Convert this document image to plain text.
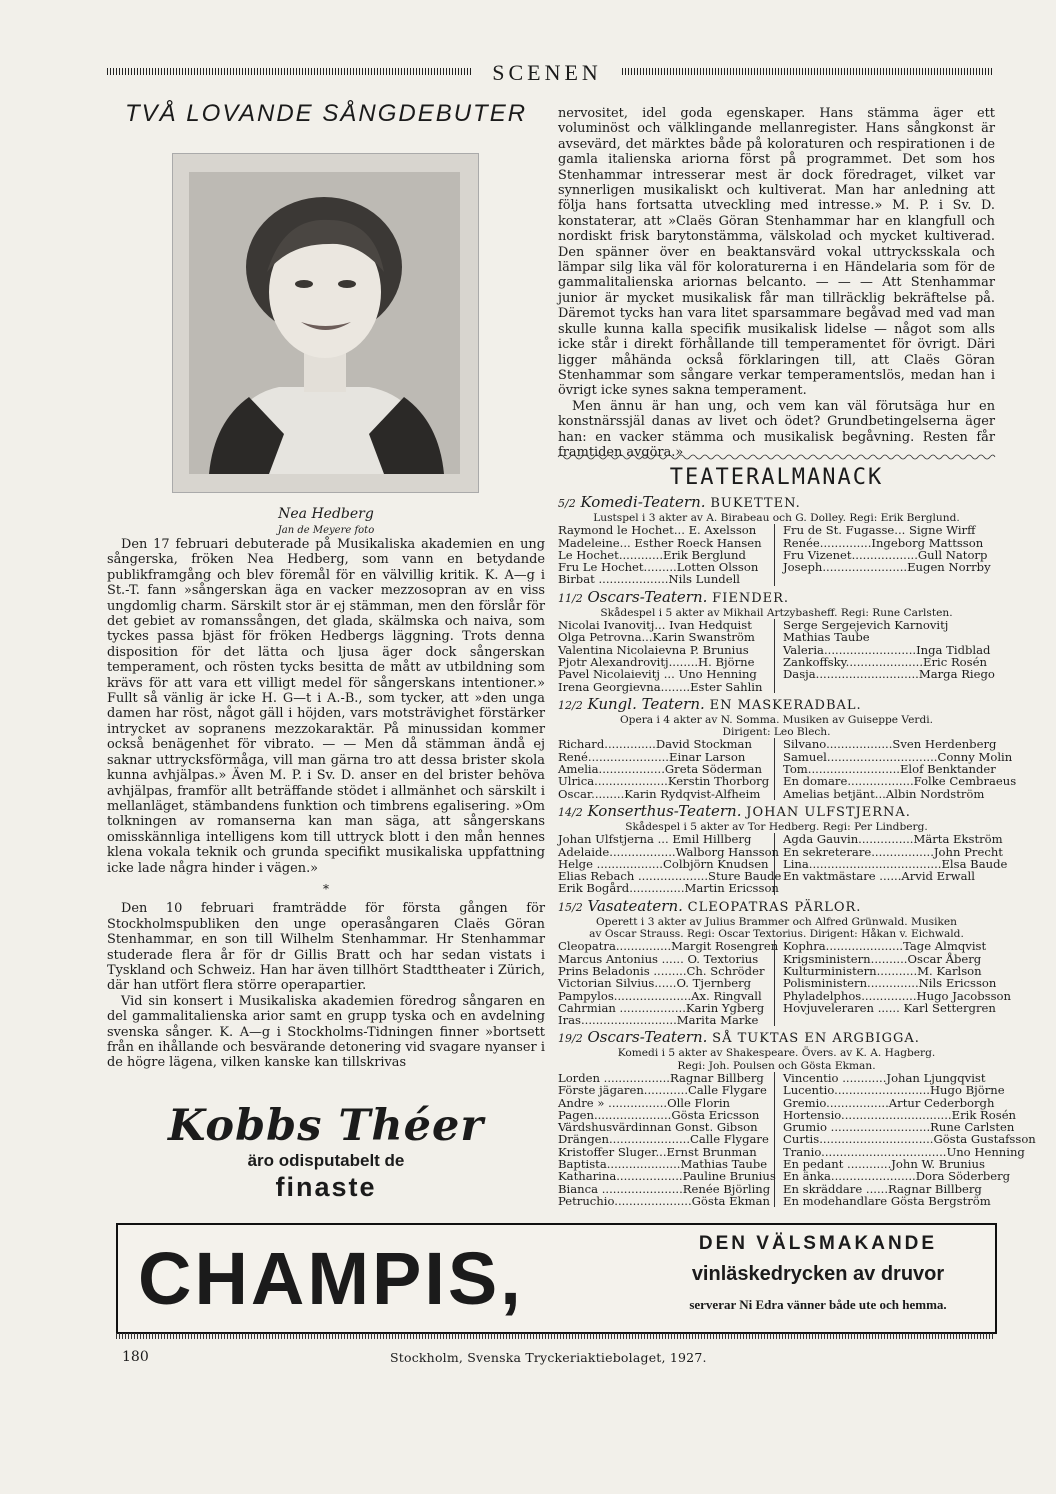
SCENEN
TVÅ LOVANDE SÅNGDEBUTER
Nea Hedberg
Jan de Meyere foto

Den 17 februari debuterade på Musikaliska akademien en ung sångerska, fröken Nea Hedberg, som vann en betydande publikframgång och blev föremål för en välvillig kritik. K. A—g i St.-T. fann »sångerskan äga en vacker mezzosopran av en viss ungdomlig charm. Särskilt stor är ej stämman, men den förslår för det gebiet av romanssången, det glada, skälmska och naiva, som tyckes passa bjäst för fröken Hedbergs läggning. Trots denna disposition för det lätta och ljusa äger dock sångerskan temperament, och rösten tycks besitta de mått av utbildning som krävs för att vara ett villigt medel för sångerskans intentioner.» Fullt så vänlig är icke H. G—t i A.-B., som tycker, att »den unga damen har röst, något gäll i höjden, vars motsträvighet förstärker intrycket av sopranens mezzokaraktär. På minussidan kommer också benägenhet för vibrato. — — Men då stämman ändå ej saknar uttrycksförmåga, vill man gärna tro att dessa brister skola kunna avhjälpas.» Även M. P. i Sv. D. anser en del brister behöva avhjälpas, framför allt beträffande stödet i allmänhet och särskilt i mellanläget, stämbandens funktion och timbrens egalisering. »Om tolkningen av romanserna kan man säga, att sångerskans omisskännliga intelligens kom till uttryck blott i den mån hennes klena vokala teknik och grunda specifikt musikaliska uppfattning icke lade några hinder i vägen.»

*

Den 10 februari framträdde för första gången för Stockholmspubliken den unge operasångaren Claës Göran Stenhammar, en son till Wilhelm Stenhammar. Hr Stenhammar studerade flera år för dr Gillis Bratt och har sedan vistats i Tyskland och Schweiz. Han har även tillhört Stadttheater i Zürich, där han utfört flera större operapartier.

Vid sin konsert i Musikaliska akademien föredrog sångaren en del gammalitalienska arior samt en grupp tyska och en avdelning svenska sånger. K. A—g i Stockholms-Tidningen finner »bortsett från en ihållande och besvärande detonering vid svagare nyanser i de högre lägena, vilken kanske kan tillskrivas

Kobbs Théer
äro odisputabelt de
finaste

nervositet, idel goda egenskaper. Hans stämma äger ett voluminöst och välklingande mellanregister. Hans sångkonst är avsevärd, det märktes både på koloraturen och respirationen i de gamla italienska ariorna först på programmet. Det som hos Stenhammar intresserar mest är dock föredraget, vilket var synnerligen musikaliskt och kultiverat. Man har anledning att följa hans fortsatta utveckling med intresse.» M. P. i Sv. D. konstaterar, att »Claës Göran Stenhammar har en klangfull och nordiskt frisk barytonstämma, välskolad och mycket kultiverad. Den spänner över en beaktansvärd vokal uttrycksskala och lämpar silg lika väl för koloraturerna i en Händelaria som för de gammalitalienska ariornas belcanto. — — — Att Stenhammar junior är mycket musikalisk får man tillräcklig bekräftelse på. Däremot tycks han vara litet sparsammare begåvad med vad man skulle kunna kalla specifik musikalisk lidelse — något som alls icke står i direkt förhållande till temperamentet för övrigt. Däri ligger måhända också förklaringen till, att Claës Göran Stenhammar som sångare verkar temperamentslös, medan han i övrigt icke synes sakna temperament.

Men ännu är han ung, och vem kan väl förutsäga hur en konstnärssjäl danas av livet och ödet? Grundbetingelserna äger han: en vacker stämma och musikalisk begåvning. Resten får framtiden avgöra.»

TEATERALMANACK
5/2 Komedi-Teatern. BUKETTEN.
Lustspel i 3 akter av A. Birabeau och G. Dolley. Regi: Erik Berglund.
Raymond le Hochet... E. Axelsson
Madeleine... Esther Roeck Hansen
Le Hochet............Erik Berglund
Fru Le Hochet.........Lotten Olsson
Birbat ...................Nils Lundell
Fru de St. Fugasse... Signe Wirff
Renée..............Ingeborg Mattsson
Fru Vizenet..................Gull Natorp
Joseph.......................Eugen Norrby
11/2 Oscars-Teatern. FIENDER.
Skådespel i 5 akter av Mikhail Artzybasheff. Regi: Rune Carlsten.
Nicolai Ivanovitj... Ivan Hedquist
Olga Petrovna...Karin Swanström
Valentina Nicolaievna P. Brunius
Pjotr Alexandrovitj........H. Björne
Pavel Nicolaievitj ... Uno Henning
Irena Georgievna........Ester Sahlin
Serge Sergejevich Karnovitj
Mathias Taube
Valeria.........................Inga Tidblad
Zankoffsky.....................Eric Rosén
Dasja............................Marga Riego
12/2 Kungl. Teatern. EN MASKERADBAL.
Opera i 4 akter av N. Somma. Musiken av Guiseppe Verdi.
Dirigent: Leo Blech.
Richard..............David Stockman
René......................Einar Larson
Amelia..................Greta Söderman
Ulrica....................Kerstin Thorborg
Oscar.........Karin Rydqvist-Alfheim
Silvano..................Sven Herdenberg
Samuel..............................Conny Molin
Tom.........................Elof Benktander
En domare..................Folke Cembraeus
Amelias betjänt...Albin Nordström
14/2 Konserthus-Teatern. JOHAN ULFSTJERNA.
Skådespel i 5 akter av Tor Hedberg. Regi: Per Lindberg.
Johan Ulfstjerna ... Emil Hillberg
Adelaide..................Walborg Hansson
Helge ..................Colbjörn Knudsen
Elias Rebach ...................Sture Baude
Erik Bogård...............Martin Ericsson
Agda Gauvin...............Märta Ekström
En sekreterare.................John Precht
Lina....................................Elsa Baude
En vaktmästare ......Arvid Erwall
15/2 Vasateatern. CLEOPATRAS PÄRLOR.
Operett i 3 akter av Julius Brammer och Alfred Grünwald. Musiken
av Oscar Strauss. Regi: Oscar Textorius. Dirigent: Håkan v. Eichwald.
Cleopatra...............Margit Rosengren
Marcus Antonius ...... O. Textorius
Prins Beladonis .........Ch. Schröder
Victorian Silvius......O. Tjernberg
Pampylos.....................Ax. Ringvall
Cahrmian ..................Karin Ygberg
Iras..........................Marita Marke
Kophra.....................Tage Almqvist
Krigsministern..........Oscar Åberg
Kulturministern...........M. Karlson
Polisministern..............Nils Ericsson
Phyladelphos...............Hugo Jacobsson
Hovjuveleraren ...... Karl Settergren
19/2 Oscars-Teatern. SÅ TUKTAS EN ARGBIGGA.
Komedi i 5 akter av Shakespeare. Övers. av K. A. Hagberg.
Regi: Joh. Poulsen och Gösta Ekman.
Lorden ..................Ragnar Billberg
Förste jägaren............Calle Flygare
Andre » ................Olle Florin
Pagen.....................Gösta Ericsson
Värdshusvärdinnan Gonst. Gibson
Drängen......................Calle Flygare
Kristoffer Sluger...Ernst Brunman
Baptista....................Mathias Taube
Katharina..................Pauline Brunius
Bianca ......................Renée Björling
Petruchio.....................Gösta Ekman
Vincentio ............Johan Ljungqvist
Lucentio..........................Hugo Björne
Gremio.................Artur Cederborgh
Hortensio..............................Erik Rosén
Grumio ...........................Rune Carlsten
Curtis...............................Gösta Gustafsson
Tranio..................................Uno Henning
En pedant ............John W. Brunius
En änka.......................Dora Söderberg
En skräddare ......Ragnar Billberg
En modehandlare Gösta Bergström
CHAMPIS,	DEN VÄLSMAKANDE
vinläskedrycken av druvor
serverar Ni Edra vänner både ute och hemma.
180	Stockholm, Svenska Tryckeriaktiebolaget, 1927.
